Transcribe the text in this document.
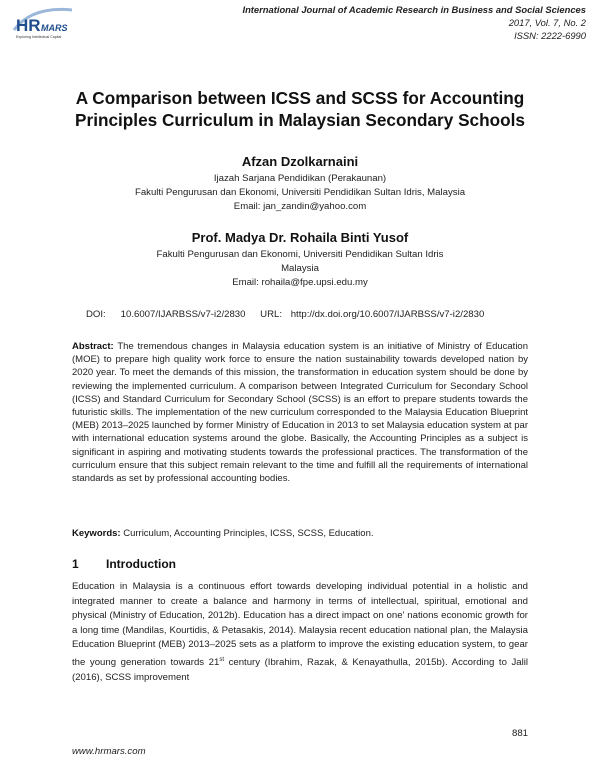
HR MARS
Exploring Intellectual Capital
International Journal of Academic Research in Business and Social Sciences
2017, Vol. 7, No. 2
ISSN: 2222-6990
A Comparison between ICSS and SCSS for Accounting Principles Curriculum in Malaysian Secondary Schools
Afzan Dzolkarnaini
Ijazah Sarjana Pendidikan (Perakaunan)
Fakulti Pengurusan dan Ekonomi, Universiti Pendidikan Sultan Idris, Malaysia
Email: jan_zandin@yahoo.com
Prof. Madya Dr. Rohaila Binti Yusof
Fakulti Pengurusan dan Ekonomi, Universiti Pendidikan Sultan Idris
Malaysia
Email: rohaila@fpe.upsi.edu.my
DOI: 10.6007/IJARBSS/v7-i2/2830 URL: http://dx.doi.org/10.6007/IJARBSS/v7-i2/2830
Abstract: The tremendous changes in Malaysia education system is an initiative of Ministry of Education (MOE) to prepare high quality work force to ensure the nation sustainability towards developed nation by 2020 year. To meet the demands of this mission, the transformation in education system should be done by reviewing the implemented curriculum. A comparison between Integrated Curriculum for Secondary School (ICSS) and Standard Curriculum for Secondary School (SCSS) is an effort to prepare students towards the futuristic skills. The implementation of the new curriculum corresponded to the Malaysia Education Blueprint (MEB) 2013–2025 launched by former Ministry of Education in 2013 to set Malaysia education system at par with international education systems around the globe. Basically, the Accounting Principles as a subject is significant in aspiring and motivating students towards the professional practices. The transformation of the curriculum ensure that this subject remain relevant to the time and fulfill all the requirements of international standards as set by professional accounting bodies.
Keywords: Curriculum, Accounting Principles, ICSS, SCSS, Education.
1 Introduction
Education in Malaysia is a continuous effort towards developing individual potential in a holistic and integrated manner to create a balance and harmony in terms of intellectual, spiritual, emotional and physical (Ministry of Education, 2012b). Education has a direct impact on one' nations economic growth for a long time (Mandilas, Kourtidis, & Petasakis, 2014). Malaysia recent education national plan, the Malaysia Education Blueprint (MEB) 2013–2025 sets as a platform to improve the existing education system, to gear the young generation towards 21st century (Ibrahim, Razak, & Kenayathulla, 2015b). According to Jalil (2016), SCSS improvement
881
www.hrmars.com
